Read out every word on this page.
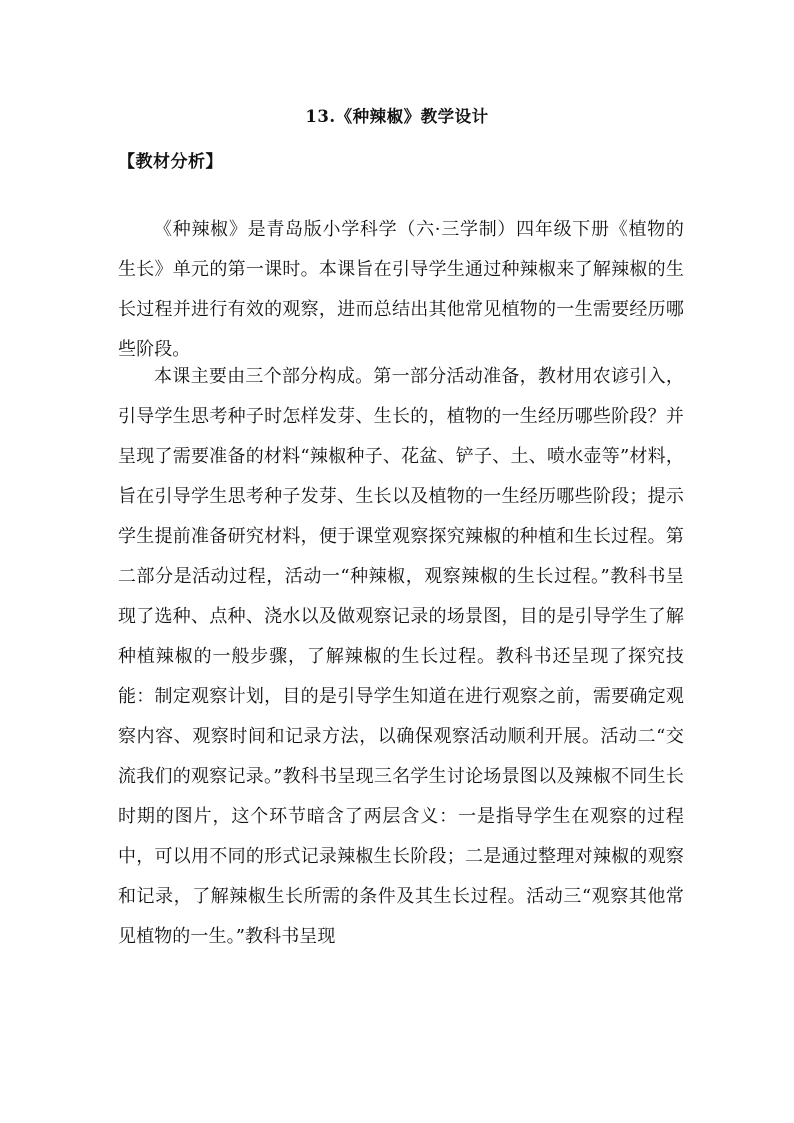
13.《种辣椒》教学设计
【教材分析】

《种辣椒》是青岛版小学科学（六·三学制）四年级下册《植物的生长》单元的第一课时。本课旨在引导学生通过种辣椒来了解辣椒的生长过程并进行有效的观察，进而总结出其他常见植物的一生需要经历哪些阶段。

本课主要由三个部分构成。第一部分活动准备，教材用农谚引入，引导学生思考种子时怎样发芽、生长的，植物的一生经历哪些阶段？并呈现了需要准备的材料“辣椒种子、花盆、铲子、土、喷水壶等”材料，旨在引导学生思考种子发芽、生长以及植物的一生经历哪些阶段；提示学生提前准备研究材料，便于课堂观察探究辣椒的种植和生长过程。第二部分是活动过程，活动一“种辣椒，观察辣椒的生长过程。”教科书呈现了选种、点种、浇水以及做观察记录的场景图，目的是引导学生了解种植辣椒的一般步骤，了解辣椒的生长过程。教科书还呈现了探究技能：制定观察计划，目的是引导学生知道在进行观察之前，需要确定观察内容、观察时间和记录方法，以确保观察活动顺利开展。活动二“交流我们的观察记录。”教科书呈现三名学生讨论场景图以及辣椒不同生长时期的图片，这个环节暗含了两层含义：一是指导学生在观察的过程中，可以用不同的形式记录辣椒生长阶段；二是通过整理对辣椒的观察和记录，了解辣椒生长所需的条件及其生长过程。活动三“观察其他常见植物的一生。”教科书呈现
